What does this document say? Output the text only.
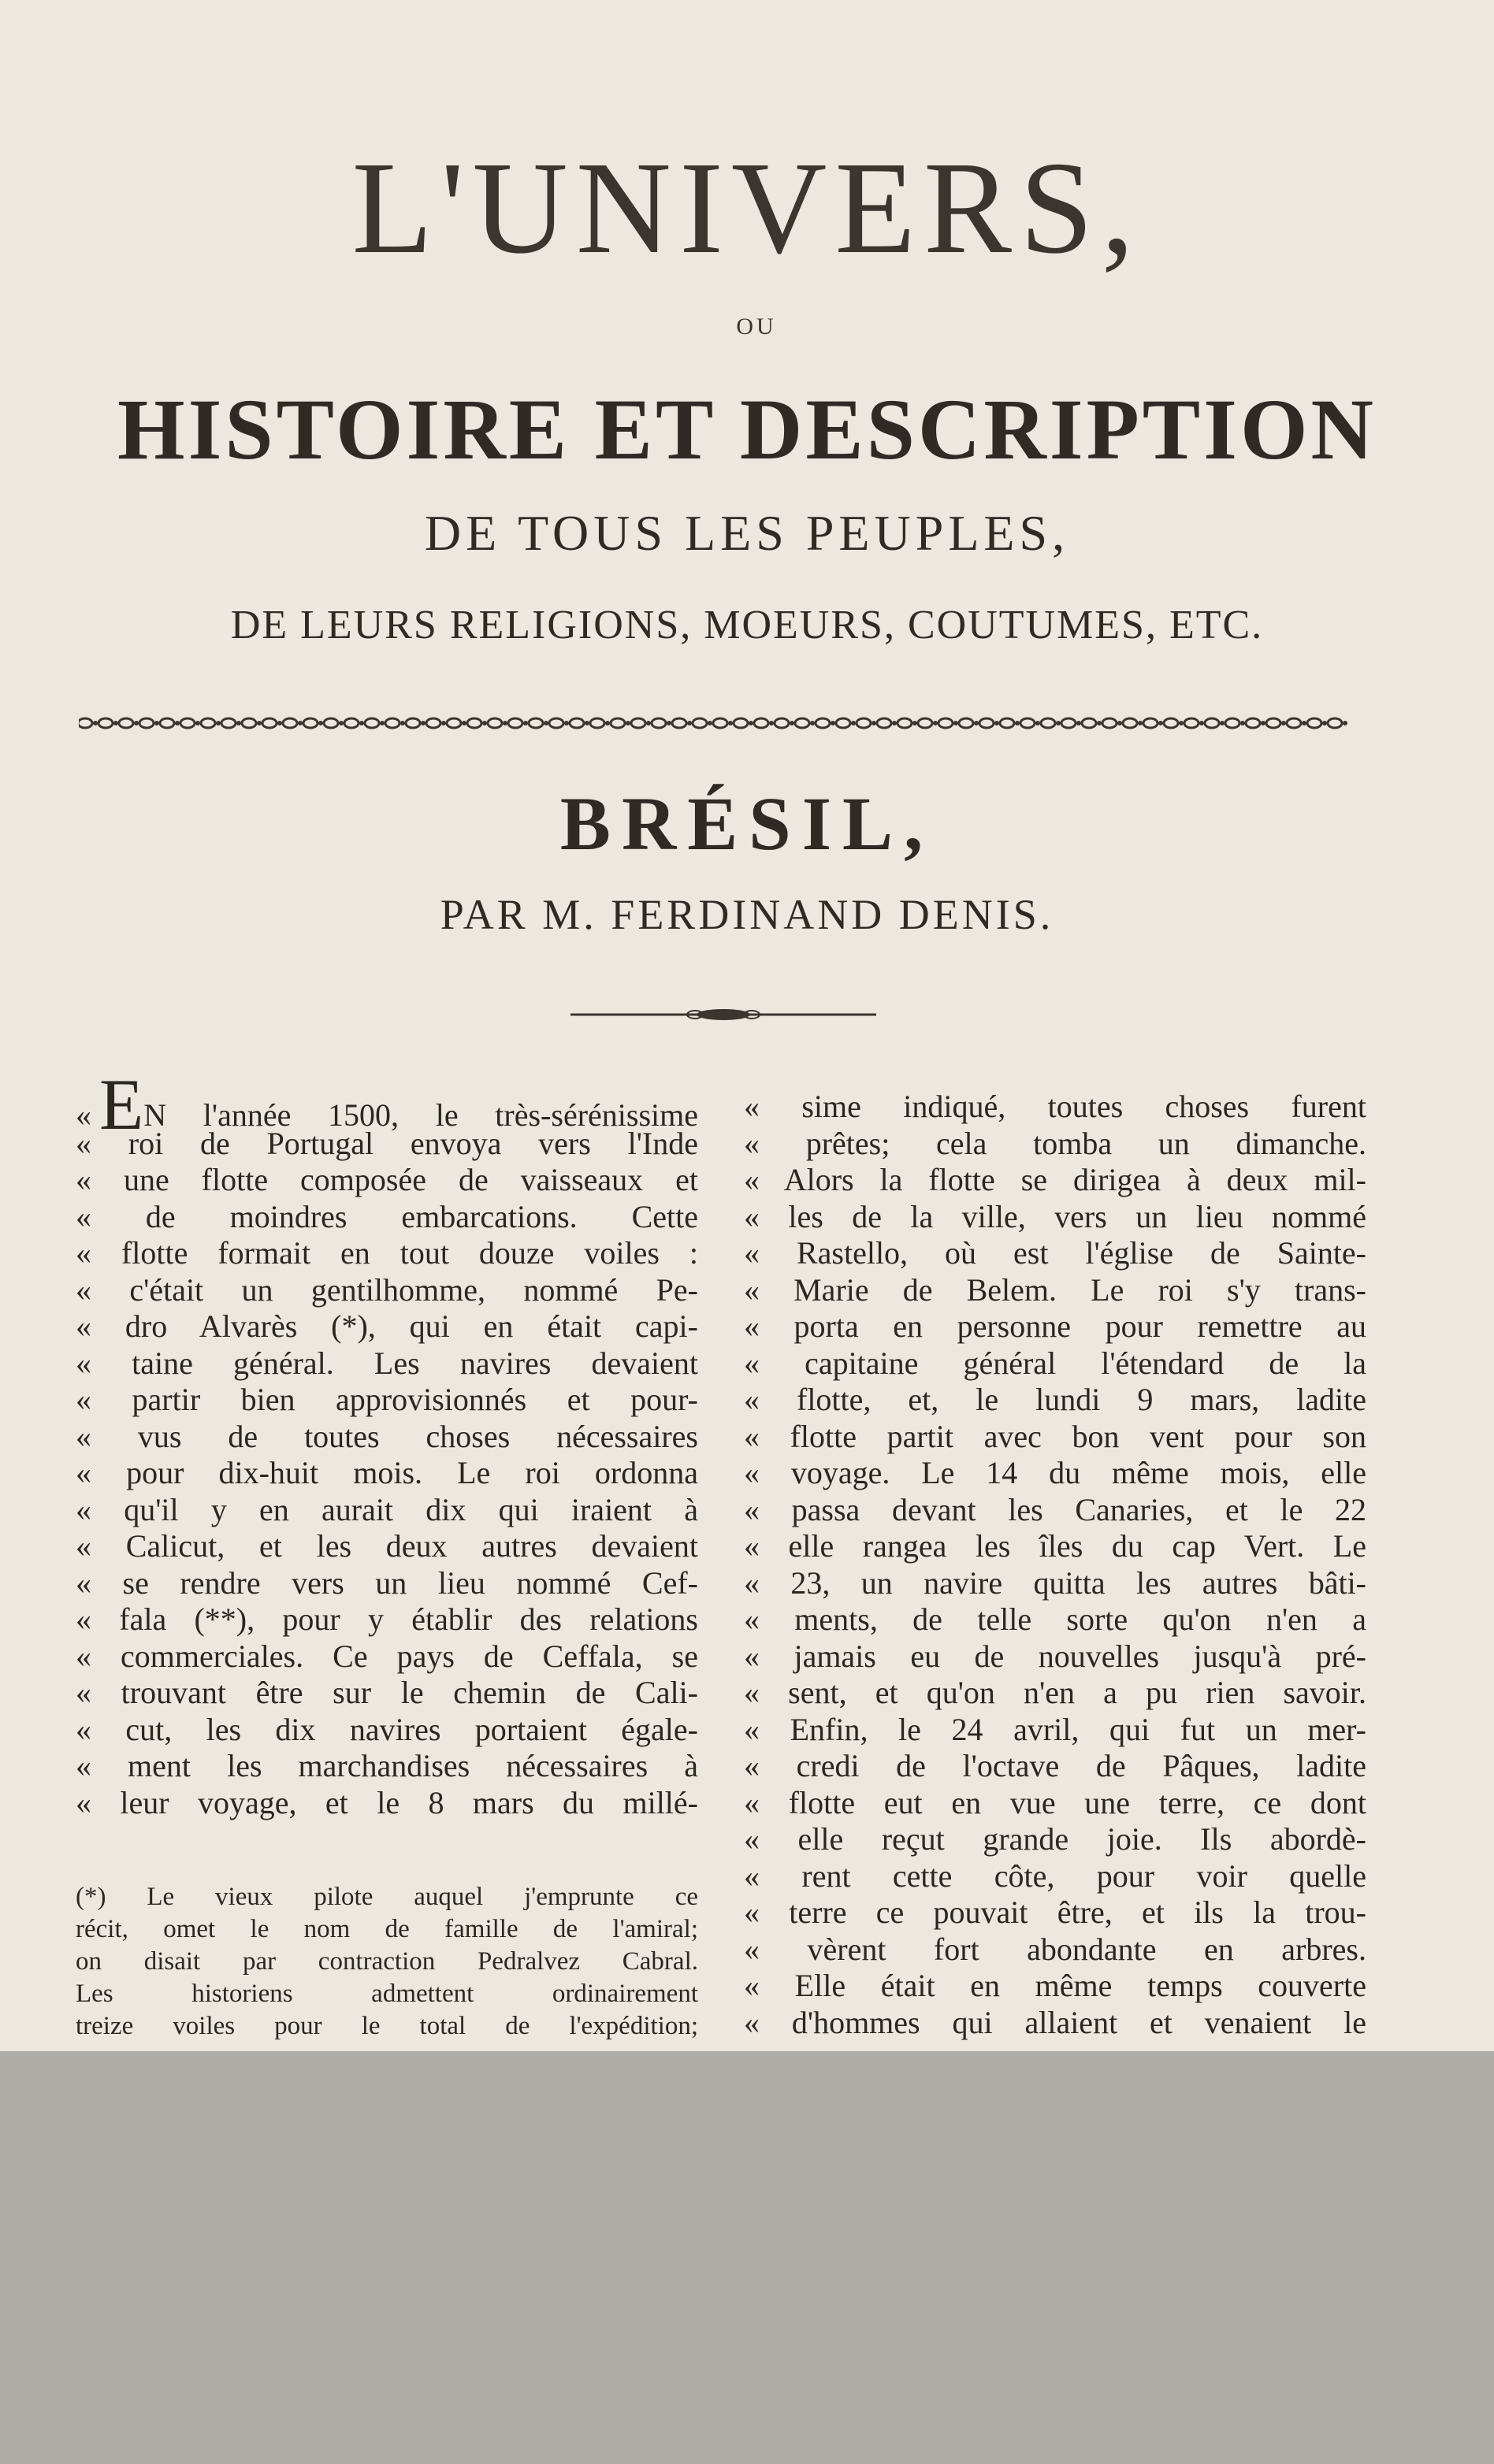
L'UNIVERS,
OU
HISTOIRE ET DESCRIPTION
DE TOUS LES PEUPLES,
DE LEURS RELIGIONS, MOEURS, COUTUMES, ETC.
BRÉSIL,
PAR M. FERDINAND DENIS.
« EN l'année 1500, le très-sérénissime
« roi de Portugal envoya vers l'Inde
« une flotte composée de vaisseaux et
« de moindres embarcations. Cette
« flotte formait en tout douze voiles :
« c'était un gentilhomme, nommé Pe-
« dro Alvarès (*), qui en était capi-
« taine général. Les navires devaient
« partir bien approvisionnés et pour-
« vus de toutes choses nécessaires
« pour dix-huit mois. Le roi ordonna
« qu'il y en aurait dix qui iraient à
« Calicut, et les deux autres devaient
« se rendre vers un lieu nommé Cef-
« fala (**), pour y établir des relations
« commerciales. Ce pays de Ceffala, se
« trouvant être sur le chemin de Cali-
« cut, les dix navires portaient égale-
« ment les marchandises nécessaires à
« leur voyage, et le 8 mars du millé-
(*) Le vieux pilote auquel j'emprunte ce
récit, omet le nom de famille de l'amiral;
on disait par contraction Pedralvez Cabral.
Les historiens admettent ordinairement
treize voiles pour le total de l'expédition;
« sime indiqué, toutes choses furent
« prêtes; cela tomba un dimanche.
« Alors la flotte se dirigea à deux mil-
« les de la ville, vers un lieu nommé
« Rastello, où est l'église de Sainte-
« Marie de Belem. Le roi s'y trans-
« porta en personne pour remettre au
« capitaine général l'étendard de la
« flotte, et, le lundi 9 mars, ladite
« flotte partit avec bon vent pour son
« voyage. Le 14 du même mois, elle
« passa devant les Canaries, et le 22
« elle rangea les îles du cap Vert. Le
« 23, un navire quitta les autres bâti-
« ments, de telle sorte qu'on n'en a
« jamais eu de nouvelles jusqu'à pré-
« sent, et qu'on n'en a pu rien savoir.
« Enfin, le 24 avril, qui fut un mer-
« credi de l'octave de Pâques, ladite
« flotte eut en vue une terre, ce dont
« elle reçut grande joie. Ils abordè-
« rent cette côte, pour voir quelle
« terre ce pouvait être, et ils la trou-
« vèrent fort abondante en arbres.
« Elle était en même temps couverte
« d'hommes qui allaient et venaient le
